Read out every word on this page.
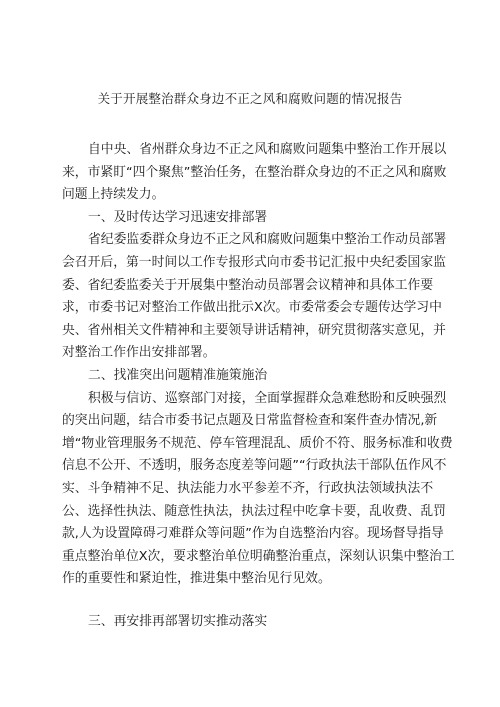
关于开展整治群众身边不正之风和腐败问题的情况报告

自中央、省州群众身边不正之风和腐败问题集中整治工作开展以来，市紧盯“四个聚焦”整治任务，在整治群众身边的不正之风和腐败问题上持续发力。

一、及时传达学习迅速安排部署

省纪委监委群众身边不正之风和腐败问题集中整治工作动员部署会召开后，第一时间以工作专报形式向市委书记汇报中央纪委国家监委、省纪委监委关于开展集中整治动员部署会议精神和具体工作要求，市委书记对整治工作做出批示X次。市委常委会专题传达学习中央、省州相关文件精神和主要领导讲话精神，研究贯彻落实意见，并对整治工作作出安排部署。

二、找准突出问题精准施策施治

积极与信访、巡察部门对接，全面掌握群众急难愁盼和反映强烈的突出问题，结合市委书记点题及日常监督检查和案件查办情况,新增“物业管理服务不规范、停车管理混乱、质价不符、服务标准和收费信息不公开、不透明，服务态度差等问题”“行政执法干部队伍作风不实、斗争精神不足、执法能力水平参差不齐，行政执法领域执法不公、选择性执法、随意性执法，执法过程中吃拿卡要，乱收费、乱罚款,人为设置障碍刁难群众等问题”作为自选整治内容。现场督导指导重点整治单位X次，要求整治单位明确整治重点，深刻认识集中整治工作的重要性和紧迫性，推进集中整治见行见效。

三、再安排再部署切实推动落实
